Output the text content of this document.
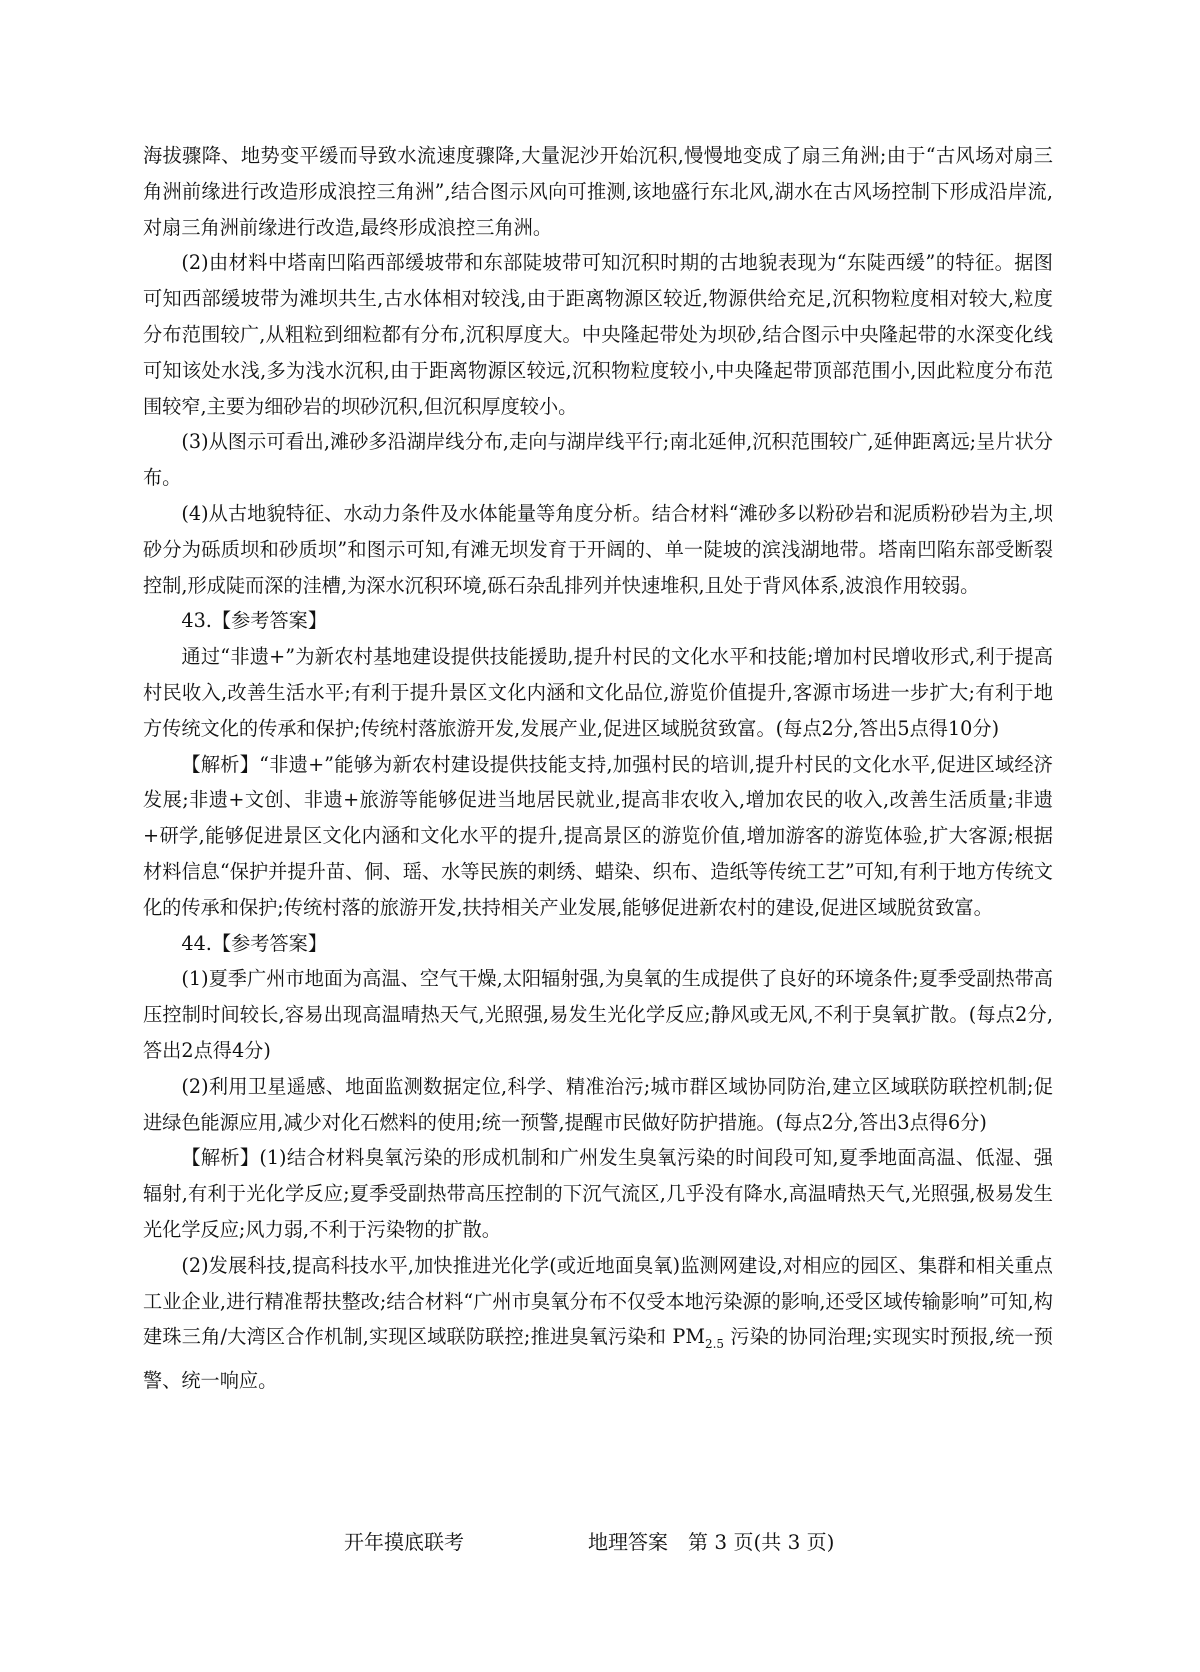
海拔骤降、地势变平缓而导致水流速度骤降,大量泥沙开始沉积,慢慢地变成了扇三角洲;由于“古风场对扇三角洲前缘进行改造形成浪控三角洲”,结合图示风向可推测,该地盛行东北风,湖水在古风场控制下形成沿岸流,对扇三角洲前缘进行改造,最终形成浪控三角洲。

(2)由材料中塔南凹陷西部缓坡带和东部陡坡带可知沉积时期的古地貌表现为“东陡西缓”的特征。据图可知西部缓坡带为滩坝共生,古水体相对较浅,由于距离物源区较近,物源供给充足,沉积物粒度相对较大,粒度分布范围较广,从粗粒到细粒都有分布,沉积厚度大。中央隆起带处为坝砂,结合图示中央隆起带的水深变化线可知该处水浅,多为浅水沉积,由于距离物源区较远,沉积物粒度较小,中央隆起带顶部范围小,因此粒度分布范围较窄,主要为细砂岩的坝砂沉积,但沉积厚度较小。

(3)从图示可看出,滩砂多沿湖岸线分布,走向与湖岸线平行;南北延伸,沉积范围较广,延伸距离远;呈片状分布。

(4)从古地貌特征、水动力条件及水体能量等角度分析。结合材料“滩砂多以粉砂岩和泥质粉砂岩为主,坝砂分为砾质坝和砂质坝”和图示可知,有滩无坝发育于开阔的、单一陡坡的滨浅湖地带。塔南凹陷东部受断裂控制,形成陡而深的洼槽,为深水沉积环境,砾石杂乱排列并快速堆积,且处于背风体系,波浪作用较弱。

43.【参考答案】

通过“非遗+”为新农村基地建设提供技能援助,提升村民的文化水平和技能;增加村民增收形式,利于提高村民收入,改善生活水平;有利于提升景区文化内涵和文化品位,游览价值提升,客源市场进一步扩大;有利于地方传统文化的传承和保护;传统村落旅游开发,发展产业,促进区域脱贫致富。(每点2分,答出5点得10分)

【解析】“非遗+”能够为新农村建设提供技能支持,加强村民的培训,提升村民的文化水平,促进区域经济发展;非遗+文创、非遗+旅游等能够促进当地居民就业,提高非农收入,增加农民的收入,改善生活质量;非遗+研学,能够促进景区文化内涵和文化水平的提升,提高景区的游览价值,增加游客的游览体验,扩大客源;根据材料信息“保护并提升苗、侗、瑶、水等民族的刺绣、蜡染、织布、造纸等传统工艺”可知,有利于地方传统文化的传承和保护;传统村落的旅游开发,扶持相关产业发展,能够促进新农村的建设,促进区域脱贫致富。

44.【参考答案】

(1)夏季广州市地面为高温、空气干燥,太阳辐射强,为臭氧的生成提供了良好的环境条件;夏季受副热带高压控制时间较长,容易出现高温晴热天气,光照强,易发生光化学反应;静风或无风,不利于臭氧扩散。(每点2分,答出2点得4分)

(2)利用卫星遥感、地面监测数据定位,科学、精准治污;城市群区域协同防治,建立区域联防联控机制;促进绿色能源应用,减少对化石燃料的使用;统一预警,提醒市民做好防护措施。(每点2分,答出3点得6分)

【解析】(1)结合材料臭氧污染的形成机制和广州发生臭氧污染的时间段可知,夏季地面高温、低湿、强辐射,有利于光化学反应;夏季受副热带高压控制的下沉气流区,几乎没有降水,高温晴热天气,光照强,极易发生光化学反应;风力弱,不利于污染物的扩散。

(2)发展科技,提高科技水平,加快推进光化学(或近地面臭氧)监测网建设,对相应的园区、集群和相关重点工业企业,进行精准帮扶整改;结合材料“广州市臭氧分布不仅受本地污染源的影响,还受区域传输影响”可知,构建珠三角/大湾区合作机制,实现区域联防联控;推进臭氧污染和 $PM_{2.5}$ 污染的协同治理;实现实时预报,统一预警、统一响应。

开年摸底联考	地理答案　第 3 页(共 3 页)
